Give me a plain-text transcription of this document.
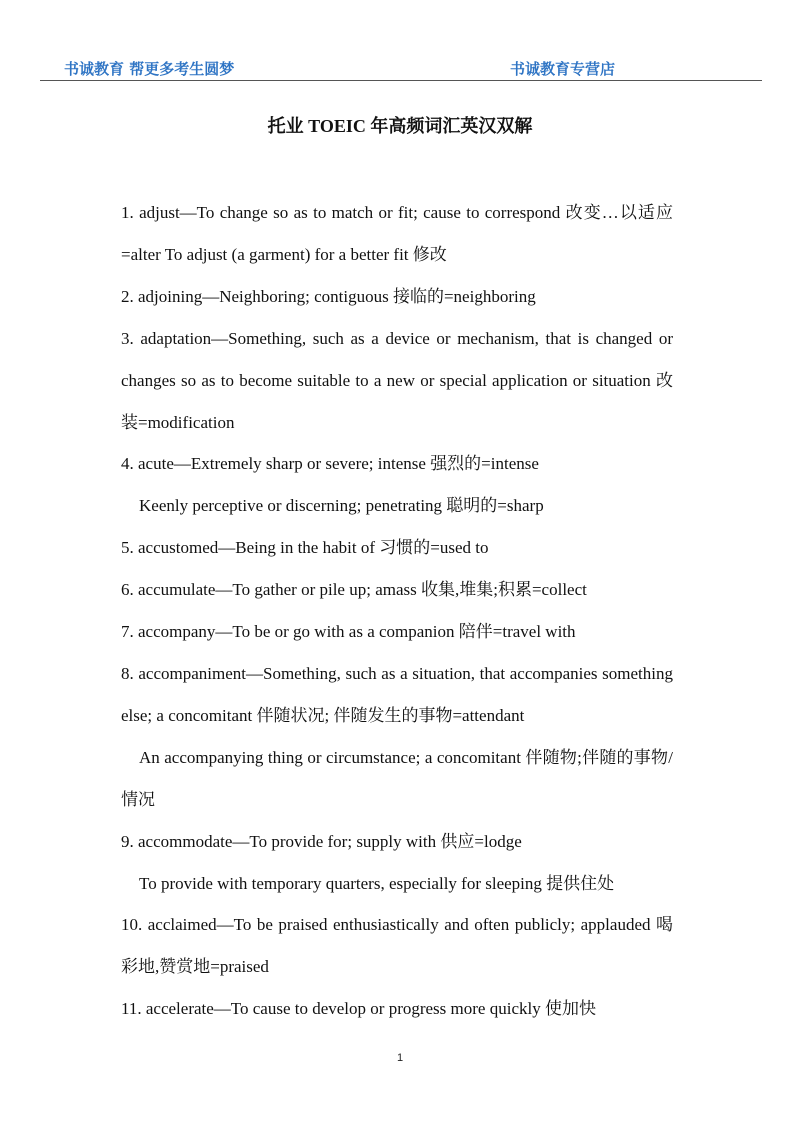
书诚教育 帮更多考生圆梦	书诚教育专营店
托业 TOEIC 年高频词汇英汉双解

1. adjust—To change so as to match or fit; cause to correspond 改变…以适应=alter To adjust (a garment) for a better fit 修改

2. adjoining—Neighboring; contiguous 接临的=neighboring

3. adaptation—Something, such as a device or mechanism, that is changed or changes so as to become suitable to a new or special application or situation 改装=modification

4. acute—Extremely sharp or severe; intense 强烈的=intense

Keenly perceptive or discerning; penetrating 聪明的=sharp

5. accustomed—Being in the habit of 习惯的=used to

6. accumulate—To gather or pile up; amass 收集,堆集;积累=collect

7. accompany—To be or go with as a companion 陪伴=travel with

8. accompaniment—Something, such as a situation, that accompanies something else; a concomitant 伴随状况; 伴随发生的事物=attendant

An accompanying thing or circumstance; a concomitant 伴随物;伴随的事物/情况

9. accommodate—To provide for; supply with 供应=lodge

To provide with temporary quarters, especially for sleeping 提供住处

10. acclaimed—To be praised enthusiastically and often publicly; applauded 喝彩地,赞赏地=praised

11. accelerate—To cause to develop or progress more quickly 使加快

1
